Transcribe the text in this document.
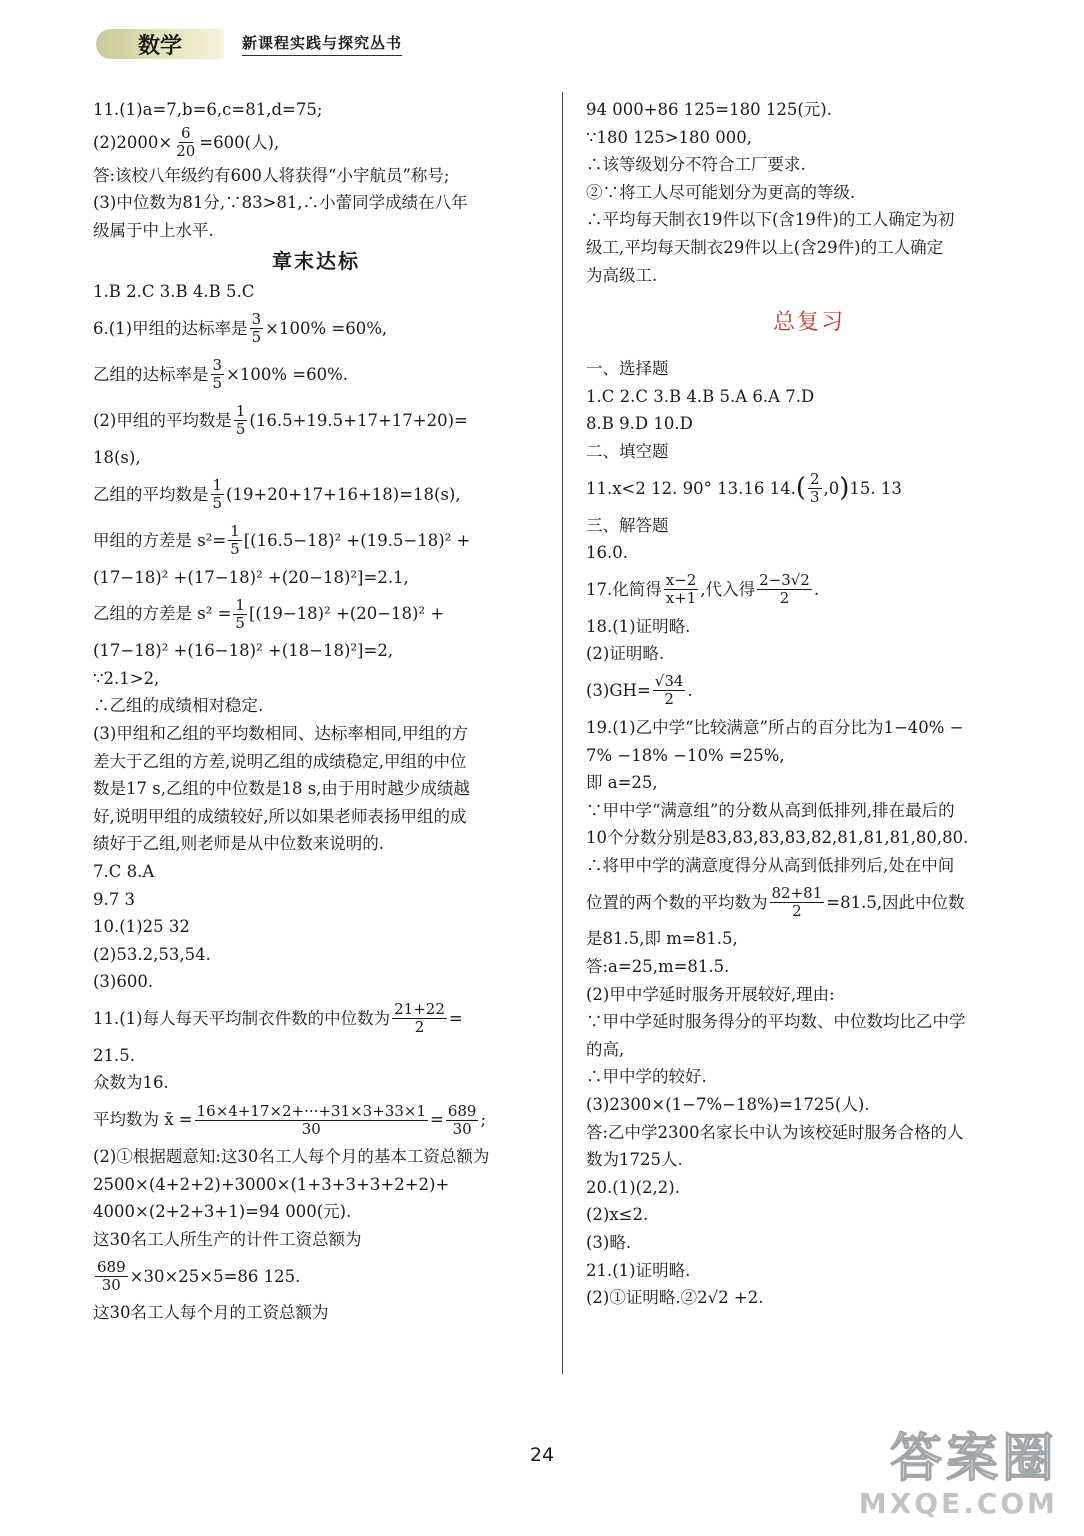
数学	新课程实践与探究丛书
11.(1)a=7,b=6,c=81,d=75;
$(2)2000\times \frac{6}{20} =600$(人),
答:该校八年级约有600人将获得“小宇航员”称号;
(3)中位数为81分,∵83>81,∴小蕾同学成绩在八年
级属于中上水平.
章末达标
1.B 2.C 3.B 4.B 5.C
6.(1)甲组的达标率是 $\frac{3}{5} \times 100\% =60\%$,
乙组的达标率是 $\frac{3}{5} \times 100\% =60\%$.
(2)甲组的平均数是 $\frac{1}{5} (16.5+19.5+17+17+20)=$
18(s),
乙组的平均数是 $\frac{1}{5} (19+20+17+16+18)=18(s)$,
甲组的方差是 $s^2= \frac{1}{5} [(16.5-18)^2 +(19.5-18)^2$ +
(17−18)² +(17−18)² +(20−18)²]=2.1,
乙组的方差是 $s^2 = \frac{1}{5} [(19-18)^2 +(20-18)^2$ +
(17−18)² +(16−18)² +(18−18)²]=2,
∵2.1>2,
∴乙组的成绩相对稳定.
(3)甲组和乙组的平均数相同、达标率相同,甲组的方
差大于乙组的方差,说明乙组的成绩稳定,甲组的中位
数是17 s,乙组的中位数是18 s,由于用时越少成绩越
好,说明甲组的成绩较好,所以如果老师表扬甲组的成
绩好于乙组,则老师是从中位数来说明的.
7.C 8.A
9.7 3
10.(1)25 32
(2)53.2,53,54.
(3)600.
11.(1)每人每天平均制衣件数的中位数为 $\frac{21+22}{2}$ =
21.5.
众数为16.
平均数为 x̄ = $\frac{16\times 4+17\times 2+\cdot\cdot\cdot+31\times 3+33\times 1}{30} = \frac{689}{30}$ ;
(2)①根据题意知:这30名工人每个月的基本工资总额为
2500×(4+2+2)+3000×(1+3+3+3+2+2)+
4000×(2+2+3+1)=94 000(元).
这30名工人所生产的计件工资总额为
$\frac{689}{30} \times 30\times 25\times 5=86$ 125.
这30名工人每个月的工资总额为
94 000+86 125=180 125(元).
∵180 125>180 000,
∴该等级划分不符合工厂要求.
②∵将工人尽可能划分为更高的等级.
∴平均每天制衣19件以下(含19件)的工人确定为初
级工,平均每天制衣29件以上(含29件)的工人确定
为高级工.
总复习
一、选择题
1.C 2.C 3.B 4.B 5.A 6.A 7.D
8.B 9.D 10.D
二、填空题
11.x<2 12. 90° 13.16 14. ( $\frac{2}{3} ,0$ ) 15. 13
三、解答题
16.0.
17.化简得 $\frac{x-2}{x+1}$ ,代入得 $\frac{2-3√2}{2}$ .
18.(1)证明略.
(2)证明略.
$(3)GH= \frac{√34}{2}$ .
19.(1)乙中学“比较满意”所占的百分比为1−40% −
7% −18% −10% =25%,
即 a=25,
∵甲中学“满意组”的分数从高到低排列,排在最后的
10个分数分别是83,83,83,83,82,81,81,81,80,80.
∴将甲中学的满意度得分从高到低排列后,处在中间
位置的两个数的平均数为 $\frac{82+81}{2} =81.5$,因此中位数
是81.5,即 m=81.5,
答:a=25,m=81.5.
(2)甲中学延时服务开展较好,理由:
∵甲中学延时服务得分的平均数、中位数均比乙中学
的高,
∴甲中学的较好.
(3)2300×(1−7%−18%)=1725(人).
答:乙中学2300名家长中认为该校延时服务合格的人
数为1725人.
20.(1)(2,2).
(2)x≤2.
(3)略.
21.(1)证明略.
(2)①证明略.②2√2 +2.
24	答案圈
MXQE.COM
